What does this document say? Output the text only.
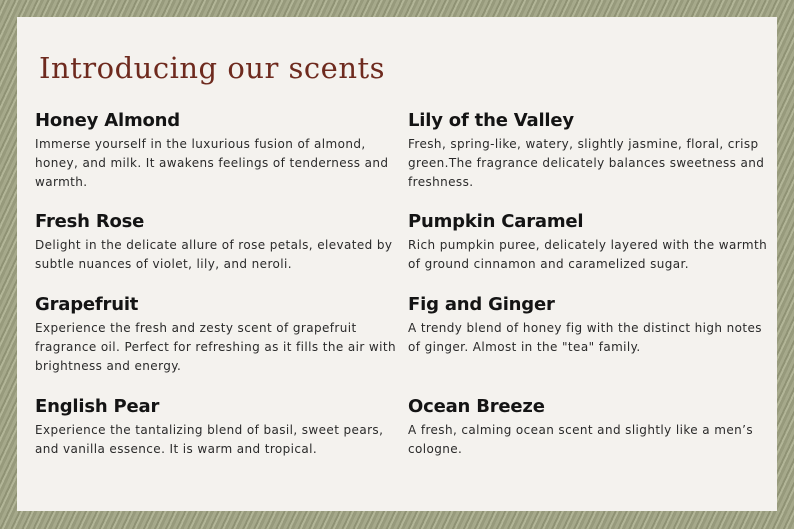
Introducing our scents
Honey Almond
Immerse yourself in the luxurious fusion of almond, honey, and milk. It awakens feelings of tenderness and warmth.
Lily of the Valley
Fresh, spring-like, watery, slightly jasmine, floral, crisp green.The fragrance delicately balances sweetness and freshness.
Fresh Rose
Delight in the delicate allure of rose petals, elevated by subtle nuances of violet, lily, and neroli.
Pumpkin Caramel
Rich pumpkin puree, delicately layered with the warmth of ground cinnamon and caramelized sugar.
Grapefruit
Experience the fresh and zesty scent of grapefruit fragrance oil. Perfect for refreshing as it fills the air with brightness and energy.
Fig and Ginger
A trendy blend of honey fig with the distinct high notes of ginger. Almost in the "tea" family.
English Pear
Experience the tantalizing blend of basil, sweet pears, and vanilla essence. It is warm and tropical.
Ocean Breeze
A fresh, calming ocean scent and slightly like a men’s cologne.
